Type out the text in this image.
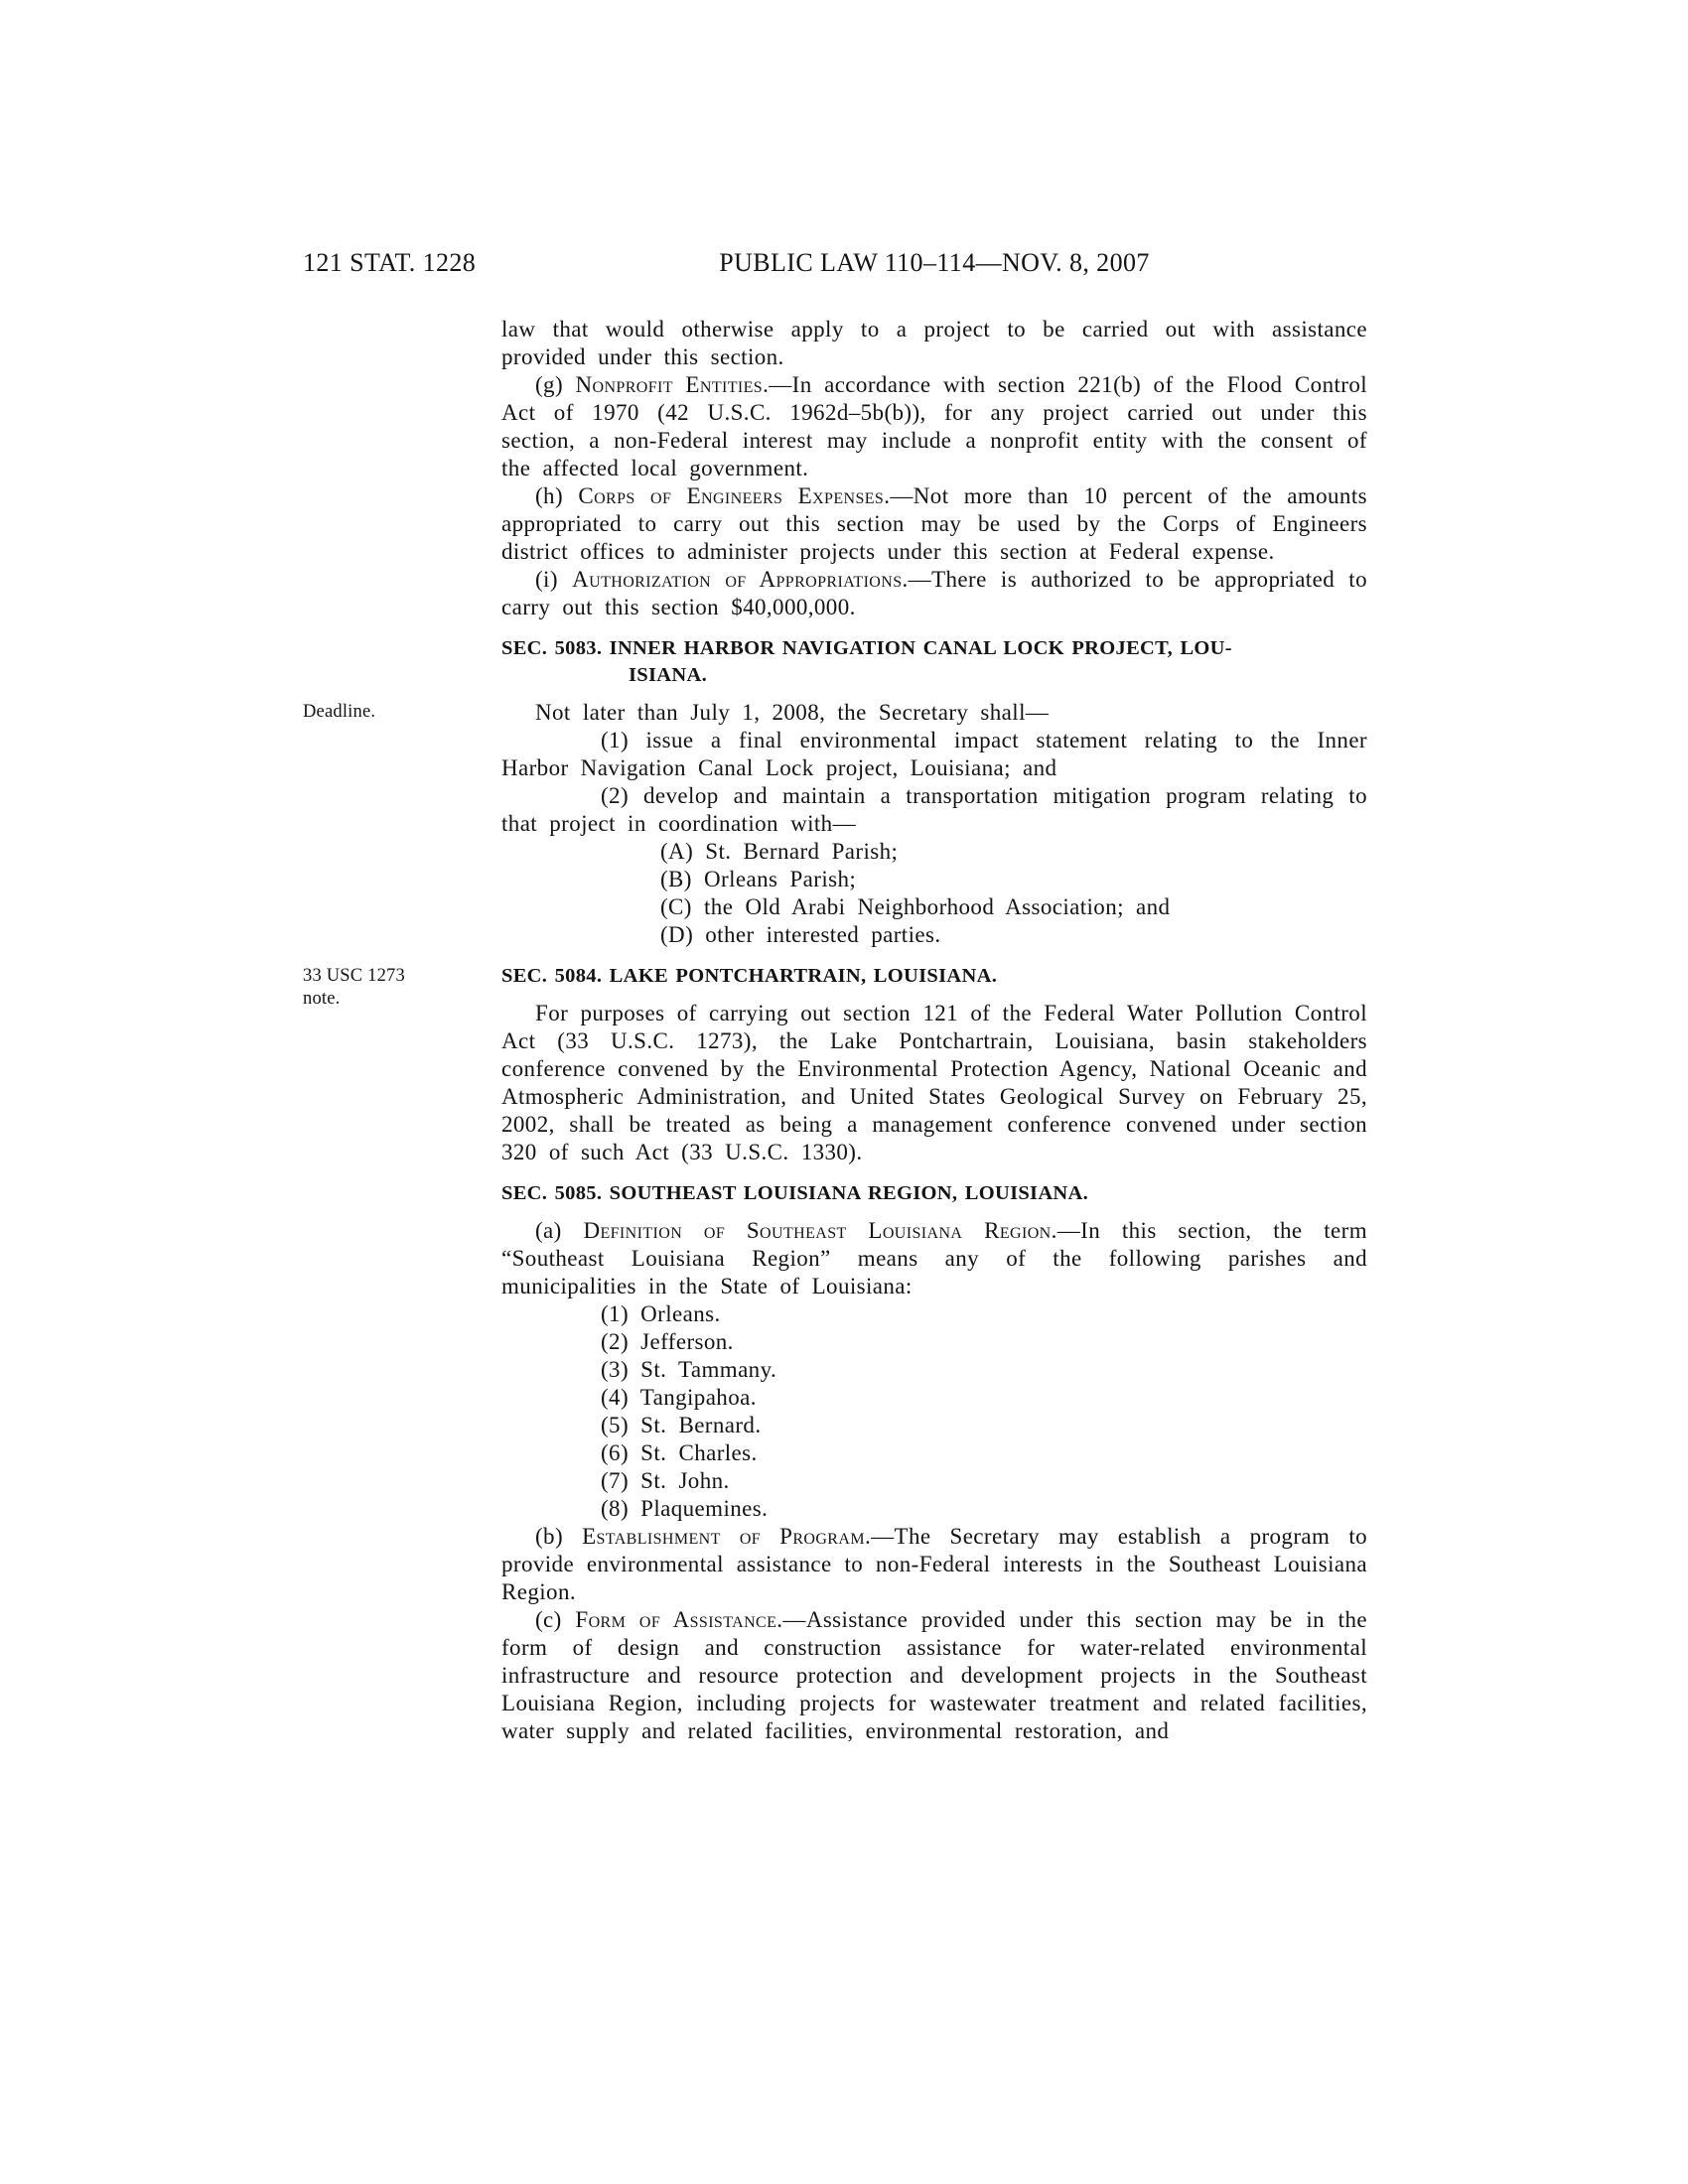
121 STAT. 1228	PUBLIC LAW 110–114—NOV. 8, 2007

law that would otherwise apply to a project to be carried out with assistance provided under this section.

(g) Nonprofit Entities.—In accordance with section 221(b) of the Flood Control Act of 1970 (42 U.S.C. 1962d–5b(b)), for any project carried out under this section, a non-Federal interest may include a nonprofit entity with the consent of the affected local government.

(h) Corps of Engineers Expenses.—Not more than 10 percent of the amounts appropriated to carry out this section may be used by the Corps of Engineers district offices to administer projects under this section at Federal expense.

(i) Authorization of Appropriations.—There is authorized to be appropriated to carry out this section $40,000,000.

SEC. 5083. INNER HARBOR NAVIGATION CANAL LOCK PROJECT, LOU-
ISIANA.

Not later than July 1, 2008, the Secretary shall—
Deadline.

(1) issue a final environmental impact statement relating to the Inner Harbor Navigation Canal Lock project, Louisiana; and

(2) develop and maintain a transportation mitigation program relating to that project in coordination with—

(A) St. Bernard Parish;

(B) Orleans Parish;

(C) the Old Arabi Neighborhood Association; and

(D) other interested parties.

SEC. 5084. LAKE PONTCHARTRAIN, LOUISIANA.
33 USC 1273 note.

For purposes of carrying out section 121 of the Federal Water Pollution Control Act (33 U.S.C. 1273), the Lake Pontchartrain, Louisiana, basin stakeholders conference convened by the Environmental Protection Agency, National Oceanic and Atmospheric Administration, and United States Geological Survey on February 25, 2002, shall be treated as being a management conference convened under section 320 of such Act (33 U.S.C. 1330).

SEC. 5085. SOUTHEAST LOUISIANA REGION, LOUISIANA.

(a) Definition of Southeast Louisiana Region.—In this section, the term “Southeast Louisiana Region” means any of the following parishes and municipalities in the State of Louisiana:

(1) Orleans.

(2) Jefferson.

(3) St. Tammany.

(4) Tangipahoa.

(5) St. Bernard.

(6) St. Charles.

(7) St. John.

(8) Plaquemines.

(b) Establishment of Program.—The Secretary may establish a program to provide environmental assistance to non-Federal interests in the Southeast Louisiana Region.

(c) Form of Assistance.—Assistance provided under this section may be in the form of design and construction assistance for water-related environmental infrastructure and resource protection and development projects in the Southeast Louisiana Region, including projects for wastewater treatment and related facilities, water supply and related facilities, environmental restoration, and
